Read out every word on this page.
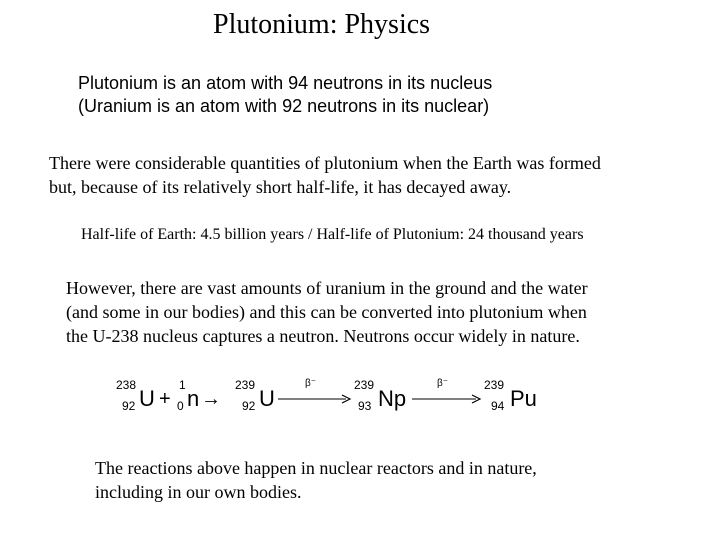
Plutonium: Physics
Plutonium is an atom with 94 neutrons in its nucleus
(Uranium is an atom with 92 neutrons in its nuclear)
There were considerable quantities of plutonium when the Earth was formed
but, because of its relatively short half-life, it has decayed away.
Half-life of Earth: 4.5 billion years / Half-life of Plutonium: 24 thousand years
However, there are vast amounts of uranium in the ground and the water
(and some in our bodies) and this can be converted into plutonium when
the U-238 nucleus captures a neutron. Neutrons occur widely in nature.
238
92 U +
1
0 n →
239
92 U
β⁻	239
93 Np
β⁻	239
94 Pu
The reactions above happen in nuclear reactors and in nature,
including in our own bodies.
